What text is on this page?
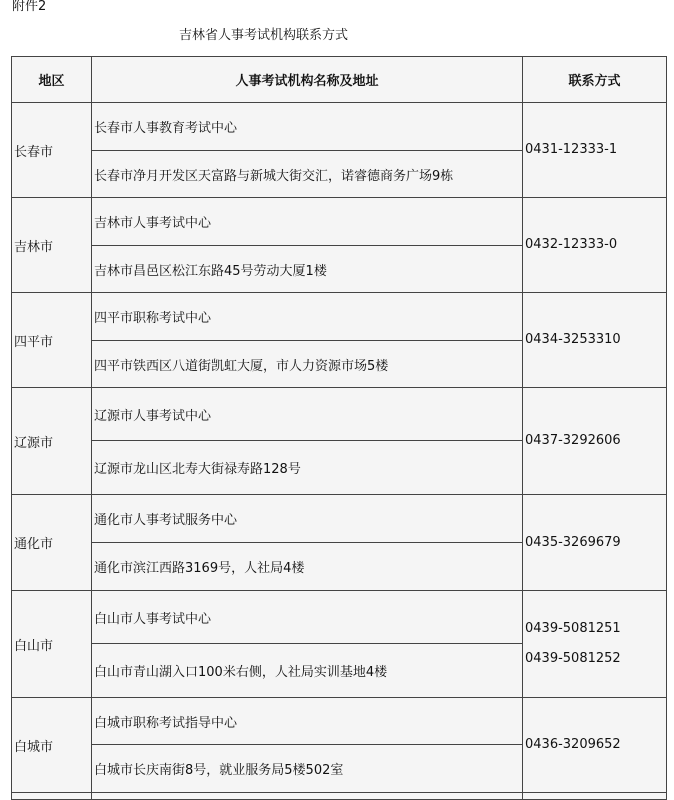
附件2
吉林省人事考试机构联系方式
地区	人事考试机构名称及地址	联系方式
长春市
长春市人事教育考试中心
长春市净月开发区天富路与新城大街交汇，诺睿德商务广场9栋
0431-12333-1
吉林市
吉林市人事考试中心
吉林市昌邑区松江东路45号劳动大厦1楼
0432-12333-0
四平市
四平市职称考试中心
四平市铁西区八道街凯虹大厦，市人力资源市场5楼
0434-3253310
辽源市
辽源市人事考试中心
辽源市龙山区北寿大街禄寿路128号
0437-3292606
通化市
通化市人事考试服务中心
通化市滨江西路3169号，人社局4楼
0435-3269679
白山市
白山市人事考试中心
白山市青山湖入口100米右侧，人社局实训基地4楼
0439-5081251
0439-5081252
白城市
白城市职称考试指导中心
白城市长庆南街8号，就业服务局5楼502室
0436-3209652
